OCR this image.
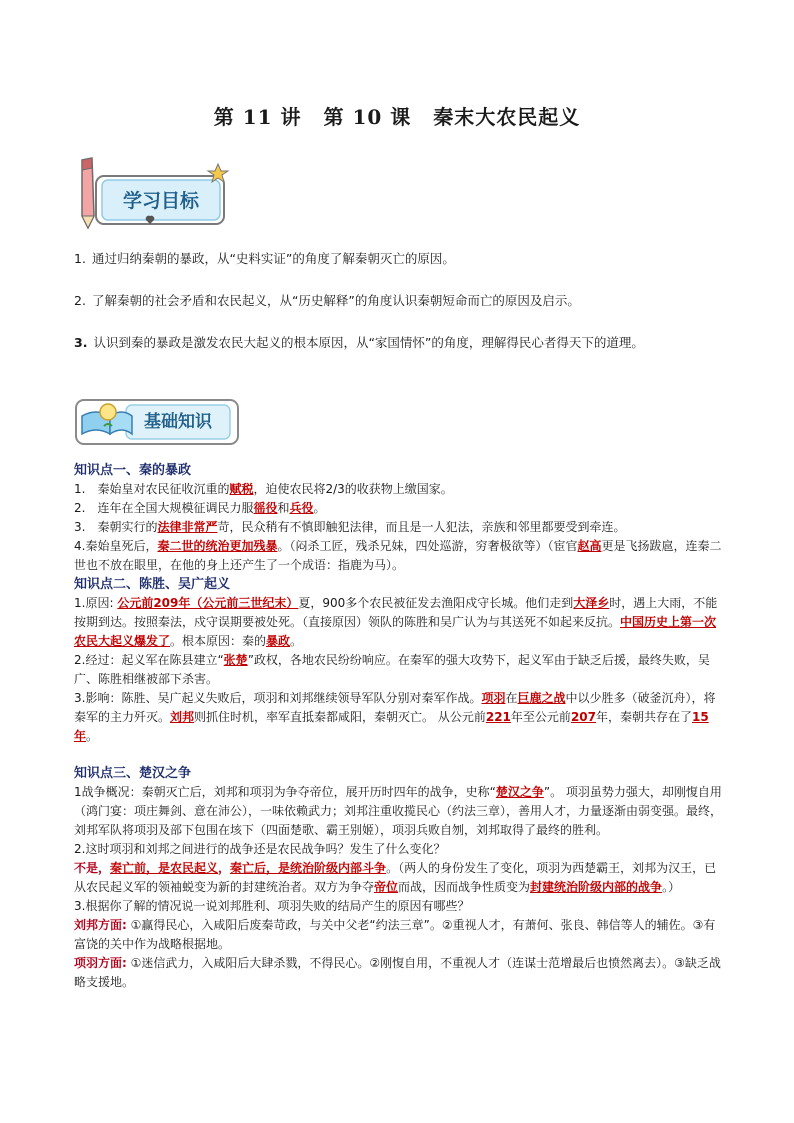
第 11 讲 第 10 课 秦末大农民起义
学习目标

1. 通过归纳秦朝的暴政，从“史料实证”的角度了解秦朝灭亡的原因。

2. 了解秦朝的社会矛盾和农民起义，从“历史解释”的角度认识秦朝短命而亡的原因及启示。

3. 认识到秦的暴政是激发农民大起义的根本原因，从“家国情怀”的角度，理解得民心者得天下的道理。

基础知识

知识点一、秦的暴政

1.　秦始皇对农民征收沉重的赋税，迫使农民将2/3的收获物上缴国家。

2.　连年在全国大规模征调民力服徭役和兵役。

3.　秦朝实行的法律非常严苛，民众稍有不慎即触犯法律，而且是一人犯法，亲族和邻里都要受到牵连。

4.秦始皇死后，秦二世的统治更加残暴。（闷杀工匠，残杀兄妹，四处巡游，穷奢极欲等）（宦官赵高更是飞扬跋扈，连秦二世也不放在眼里，在他的身上还产生了一个成语：指鹿为马）。

知识点二、陈胜、吴广起义

1.原因: 公元前209年（公元前三世纪末）夏，900多个农民被征发去渔阳戍守长城。他们走到大泽乡时，遇上大雨，不能按期到达。按照秦法，戍守误期要被处死。（直接原因）领队的陈胜和吴广认为与其送死不如起来反抗。中国历史上第一次农民大起义爆发了。根本原因：秦的暴政。

2.经过：起义军在陈县建立“张楚”政权，各地农民纷纷响应。在秦军的强大攻势下，起义军由于缺乏后援，最终失败，吴广、陈胜相继被部下杀害。

3.影响：陈胜、吴广起义失败后，项羽和刘邦继续领导军队分别对秦军作战。项羽在巨鹿之战中以少胜多（破釜沉舟），将秦军的主力歼灭。刘邦则抓住时机，率军直抵秦都咸阳，秦朝灭亡。 从公元前221年至公元前207年，秦朝共存在了15 年。

知识点三、楚汉之争

1战争概况：秦朝灭亡后，刘邦和项羽为争夺帝位，展开历时四年的战争，史称“楚汉之争”。 项羽虽势力强大，却刚愎自用（鸿门宴：项庄舞剑、意在沛公），一味依赖武力；刘邦注重收揽民心（约法三章），善用人才，力量逐渐由弱变强。最终，刘邦军队将项羽及部下包围在垓下（四面楚歌、霸王别姬），项羽兵败自刎，刘邦取得了最终的胜利。

2.这时项羽和刘邦之间进行的战争还是农民战争吗？发生了什么变化？

不是，秦亡前，是农民起义，秦亡后，是统治阶级内部斗争。（两人的身份发生了变化，项羽为西楚霸王，刘邦为汉王，已从农民起义军的领袖蜕变为新的封建统治者。双方为争夺帝位而战，因而战争性质变为封建统治阶级内部的战争。）

3.根据你了解的情况说一说刘邦胜利、项羽失败的结局产生的原因有哪些？

刘邦方面: ①赢得民心，入咸阳后废秦苛政，与关中父老“约法三章”。②重视人才，有萧何、张良、韩信等人的辅佐。③有富饶的关中作为战略根据地。

项羽方面: ①迷信武力，入咸阳后大肆杀戮，不得民心。②刚愎自用，不重视人才（连谋士范增最后也愤然离去）。③缺乏战略支援地。
